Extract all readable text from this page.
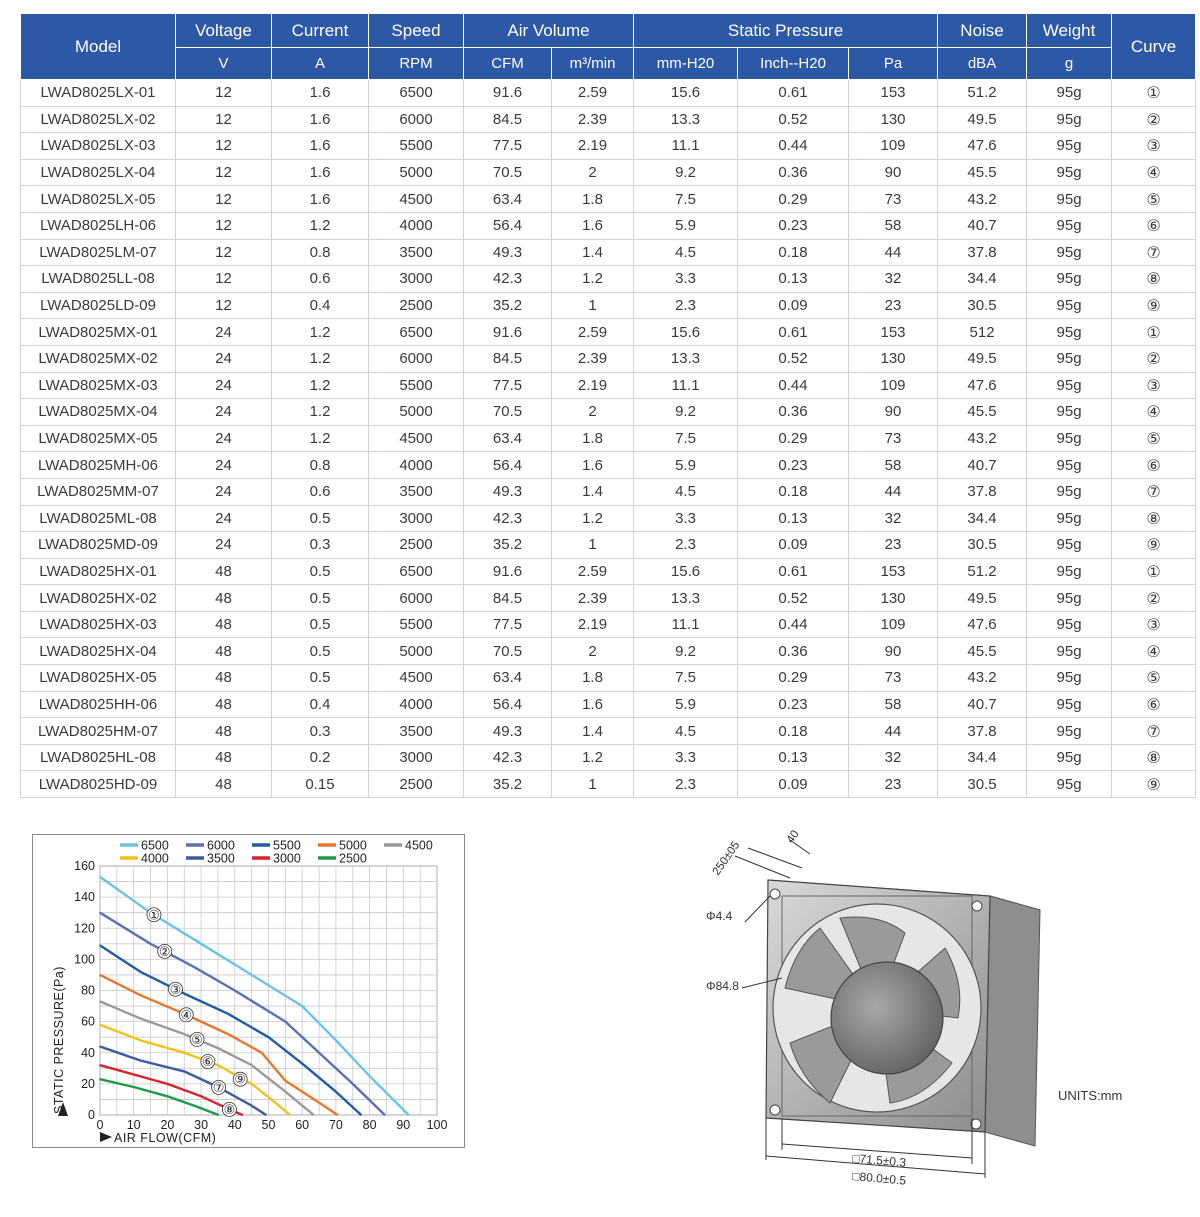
Model	Voltage	Current	Speed	Air Volume		Static Pressure			Noise	Weight	Curve
	V	A	RPM	CFM	m³/min	mm-H20	Inch--H20	Pa	dBA	g	
LWAD8025LX-01	12	1.6	6500	91.6	2.59	15.6	0.61	153	51.2	95g	①
LWAD8025LX-02	12	1.6	6000	84.5	2.39	13.3	0.52	130	49.5	95g	②
LWAD8025LX-03	12	1.6	5500	77.5	2.19	11.1	0.44	109	47.6	95g	③
LWAD8025LX-04	12	1.6	5000	70.5	2	9.2	0.36	90	45.5	95g	④
LWAD8025LX-05	12	1.6	4500	63.4	1.8	7.5	0.29	73	43.2	95g	⑤
LWAD8025LH-06	12	1.2	4000	56.4	1.6	5.9	0.23	58	40.7	95g	⑥
LWAD8025LM-07	12	0.8	3500	49.3	1.4	4.5	0.18	44	37.8	95g	⑦
LWAD8025LL-08	12	0.6	3000	42.3	1.2	3.3	0.13	32	34.4	95g	⑧
LWAD8025LD-09	12	0.4	2500	35.2	1	2.3	0.09	23	30.5	95g	⑨
LWAD8025MX-01	24	1.2	6500	91.6	2.59	15.6	0.61	153	512	95g	①
LWAD8025MX-02	24	1.2	6000	84.5	2.39	13.3	0.52	130	49.5	95g	②
LWAD8025MX-03	24	1.2	5500	77.5	2.19	11.1	0.44	109	47.6	95g	③
LWAD8025MX-04	24	1.2	5000	70.5	2	9.2	0.36	90	45.5	95g	④
LWAD8025MX-05	24	1.2	4500	63.4	1.8	7.5	0.29	73	43.2	95g	⑤
LWAD8025MH-06	24	0.8	4000	56.4	1.6	5.9	0.23	58	40.7	95g	⑥
LWAD8025MM-07	24	0.6	3500	49.3	1.4	4.5	0.18	44	37.8	95g	⑦
LWAD8025ML-08	24	0.5	3000	42.3	1.2	3.3	0.13	32	34.4	95g	⑧
LWAD8025MD-09	24	0.3	2500	35.2	1	2.3	0.09	23	30.5	95g	⑨
LWAD8025HX-01	48	0.5	6500	91.6	2.59	15.6	0.61	153	51.2	95g	①
LWAD8025HX-02	48	0.5	6000	84.5	2.39	13.3	0.52	130	49.5	95g	②
LWAD8025HX-03	48	0.5	5500	77.5	2.19	11.1	0.44	109	47.6	95g	③
LWAD8025HX-04	48	0.5	5000	70.5	2	9.2	0.36	90	45.5	95g	④
LWAD8025HX-05	48	0.5	4500	63.4	1.8	7.5	0.29	73	43.2	95g	⑤
LWAD8025HH-06	48	0.4	4000	56.4	1.6	5.9	0.23	58	40.7	95g	⑥
LWAD8025HM-07	48	0.3	3500	49.3	1.4	4.5	0.18	44	37.8	95g	⑦
LWAD8025HL-08	48	0.2	3000	42.3	1.2	3.3	0.13	32	34.4	95g	⑧
LWAD8025HD-09	48	0.15	2500	35.2	1	2.3	0.09	23	30.5	95g	⑨
6500	6000	5500	5000	4500
4000	3500	3000	2500
①
②
③
④
⑤
⑥
⑦
⑧
⑨
0 10 20 30 40 50 60 70 80 90 100
0
20
40
60
80
100
120
140
160
STATIC PRESSURE(Pa)
AIR FLOW(CFM)
250±05
40
Φ4.4
Φ84.8
□71.5±0.3
□80.0±0.5
UNITS:mm
